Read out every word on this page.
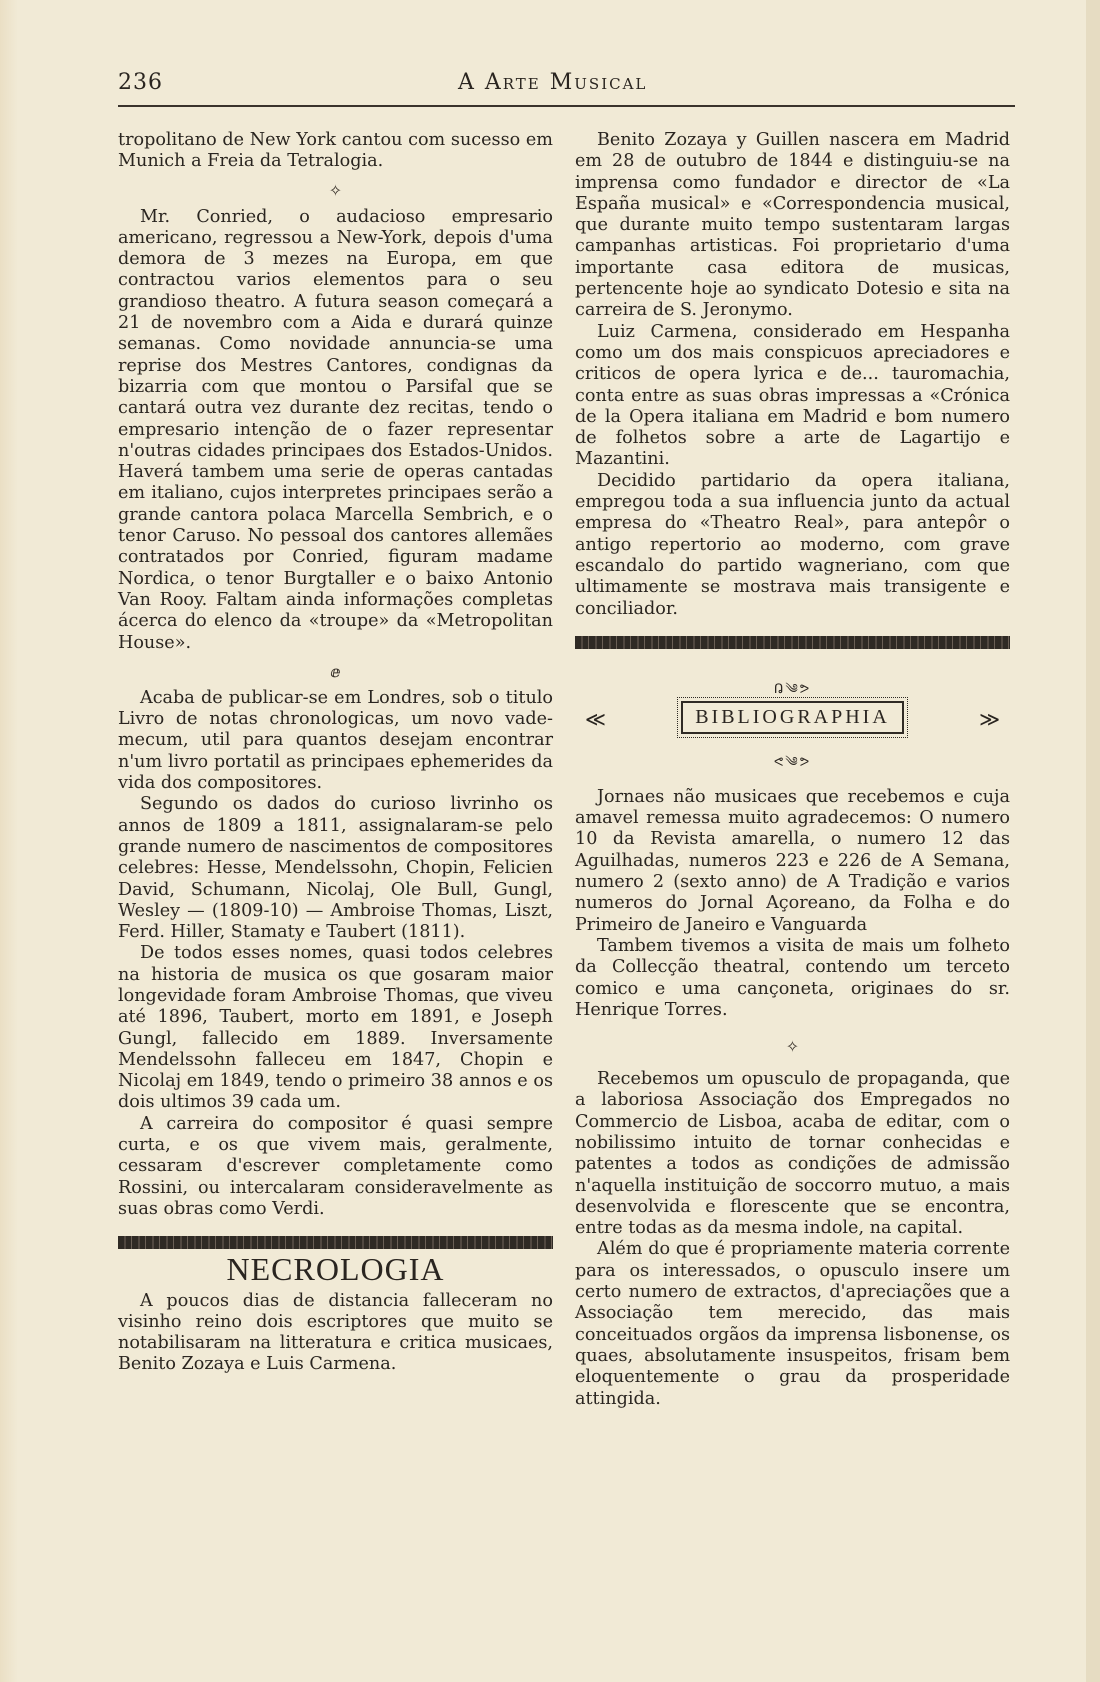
236	A Arte Musical

tropolitano de New York cantou com sucesso em Munich a Freia da Tetralogia.

✧

Mr. Conried, o audacioso empresario americano, regressou a New-York, depois d'uma demora de 3 mezes na Europa, em que contractou varios elementos para o seu grandioso theatro. A futura season começará a 21 de novembro com a Aida e durará quinze semanas. Como novidade annuncia-se uma reprise dos Mestres Cantores, condignas da bizarria com que montou o Parsifal que se cantará outra vez durante dez recitas, tendo o empresario intenção de o fazer representar n'outras cidades principaes dos Estados-Unidos. Haverá tambem uma serie de operas cantadas em italiano, cujos interpretes principaes serão a grande cantora polaca Marcella Sembrich, e o tenor Caruso. No pessoal dos cantores allemães contratados por Conried, figuram madame Nordica, o tenor Burgtaller e o baixo Antonio Van Rooy. Faltam ainda informações completas ácerca do elenco da «troupe» da «Metropolitan House».

ⅇ

Acaba de publicar-se em Londres, sob o titulo Livro de notas chronologicas, um novo vade-mecum, util para quantos desejam encontrar n'um livro portatil as principaes ephemerides da vida dos compositores.

Segundo os dados do curioso livrinho os annos de 1809 a 1811, assignalaram-se pelo grande numero de nascimentos de compositores celebres: Hesse, Mendelssohn, Chopin, Felicien David, Schumann, Nicolaj, Ole Bull, Gungl, Wesley — (1809-10) — Ambroise Thomas, Liszt, Ferd. Hiller, Stamaty e Taubert (1811).

De todos esses nomes, quasi todos celebres na historia de musica os que gosaram maior longevidade foram Ambroise Thomas, que viveu até 1896, Taubert, morto em 1891, e Joseph Gungl, fallecido em 1889. Inversamente Mendelssohn falleceu em 1847, Chopin e Nicolaj em 1849, tendo o primeiro 38 annos e os dois ultimos 39 cada um.

A carreira do compositor é quasi sempre curta, e os que vivem mais, geralmente, cessaram d'escrever completamente como Rossini, ou intercalaram consideravelmente as suas obras como Verdi.

NECROLOGIA

A poucos dias de distancia falleceram no visinho reino dois escriptores que muito se notabilisaram na litteratura e critica musicaes, Benito Zozaya e Luis Carmena.

Benito Zozaya y Guillen nascera em Madrid em 28 de outubro de 1844 e distinguiu-se na imprensa como fundador e director de «La España musical» e «Correspondencia musical, que durante muito tempo sustentaram largas campanhas artisticas. Foi proprietario d'uma importante casa editora de musicas, pertencente hoje ao syndicato Dotesio e sita na carreira de S. Jeronymo.

Luiz Carmena, considerado em Hespanha como um dos mais conspicuos apreciadores e criticos de opera lyrica e de... tauromachia, conta entre as suas obras impressas a «Crónica de la Opera italiana em Madrid e bom numero de folhetos sobre a arte de Lagartijo e Mazantini.

Decidido partidario da opera italiana, empregou toda a sua influencia junto da actual empresa do «Theatro Real», para antepôr o antigo repertorio ao moderno, com grave escandalo do partido wagneriano, com que ultimamente se mostrava mais transigente e conciliador.

ᕡ༄ᕗ
≪	BIBLIOGRAPHIA	≫
ᕙ༄ᕗ

Jornaes não musicaes que recebemos e cuja amavel remessa muito agradecemos: O numero 10 da Revista amarella, o numero 12 das Aguilhadas, numeros 223 e 226 de A Semana, numero 2 (sexto anno) de A Tradição e varios numeros do Jornal Açoreano, da Folha e do Primeiro de Janeiro e Vanguarda

Tambem tivemos a visita de mais um folheto da Collecção theatral, contendo um terceto comico e uma cançoneta, originaes do sr. Henrique Torres.

✧

Recebemos um opusculo de propaganda, que a laboriosa Associação dos Empregados no Commercio de Lisboa, acaba de editar, com o nobilissimo intuito de tornar conhecidas e patentes a todos as condições de admissão n'aquella instituição de soccorro mutuo, a mais desenvolvida e florescente que se encontra, entre todas as da mesma indole, na capital.

Além do que é propriamente materia corrente para os interessados, o opusculo insere um certo numero de extractos, d'apreciações que a Associação tem merecido, das mais conceituados orgãos da imprensa lisbonense, os quaes, absolutamente insuspeitos, frisam bem eloquentemente o grau da prosperidade attingida.
